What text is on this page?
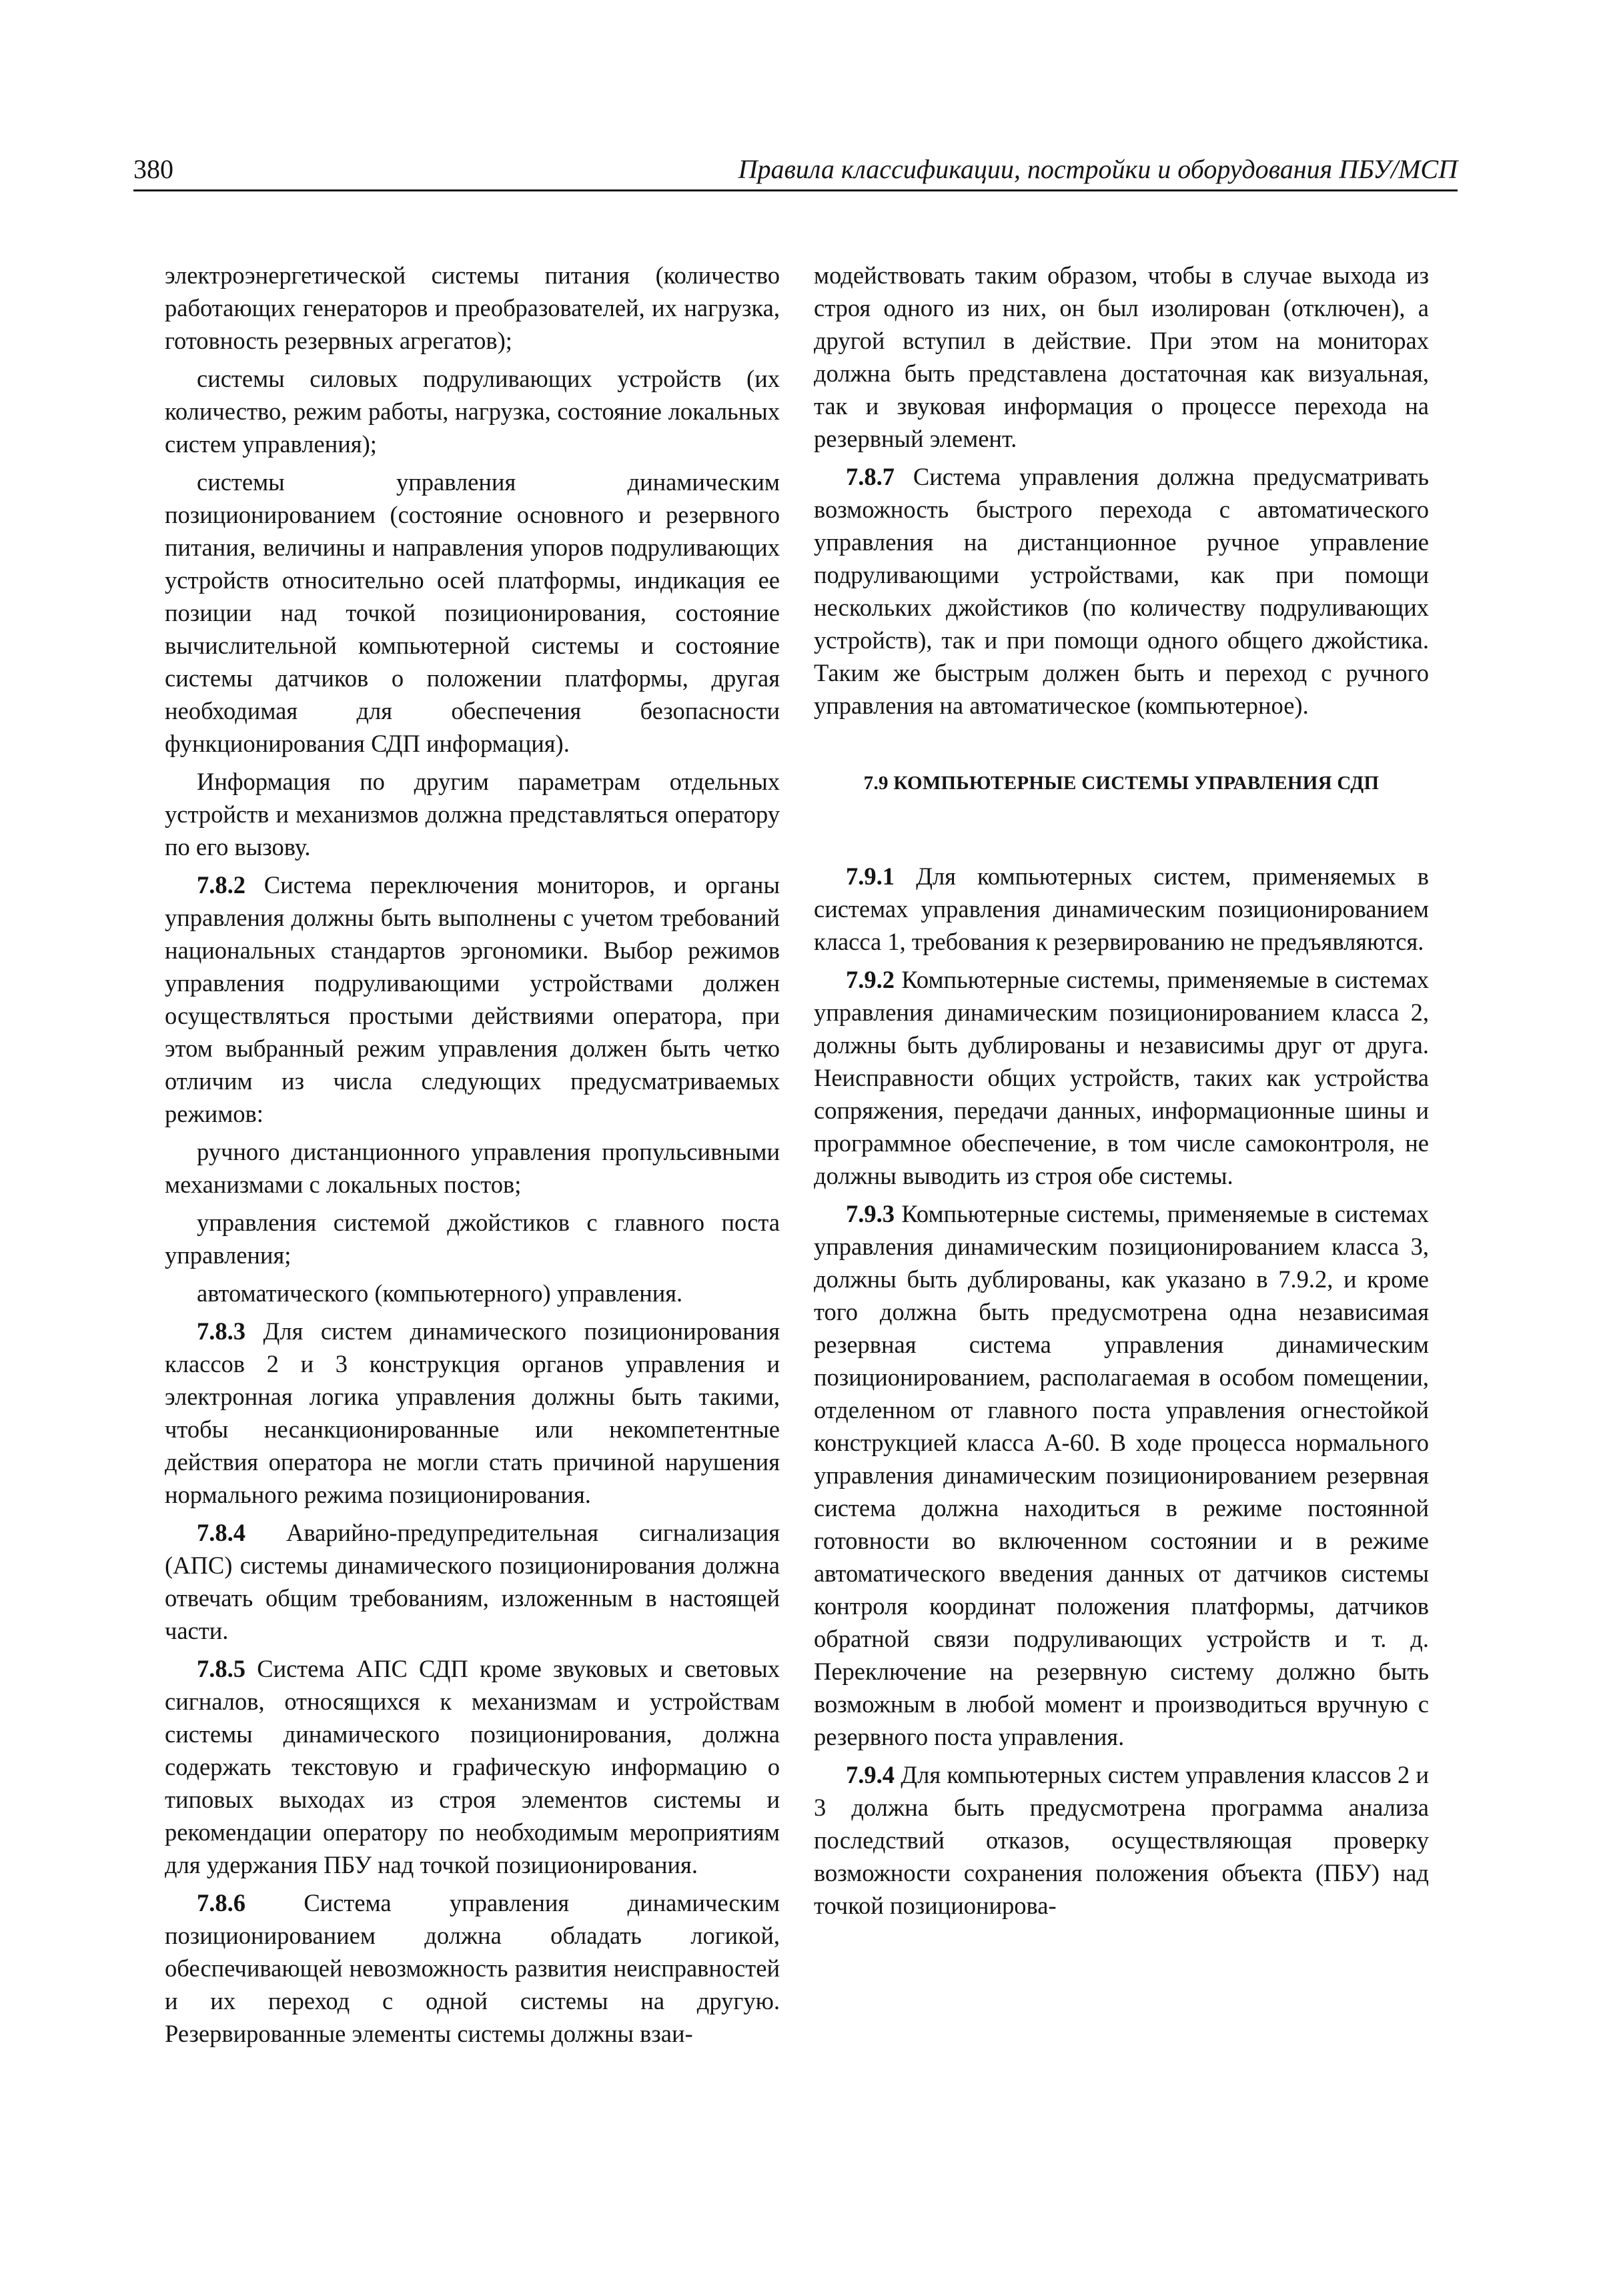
380	Правила классификации, постройки и оборудования ПБУ/МСП

электроэнергетической системы питания (количество работающих генераторов и преобразователей, их нагрузка, готовность резервных агрегатов);

системы силовых подруливающих устройств (их количество, режим работы, нагрузка, состояние локальных систем управления);

системы управления динамическим позиционированием (состояние основного и резервного питания, величины и направления упоров подруливающих устройств относительно осей платформы, индикация ее позиции над точкой позиционирования, состояние вычислительной компьютерной системы и состояние системы датчиков о положении платформы, другая необходимая для обеспечения безопасности функционирования СДП информация).

Информация по другим параметрам отдельных устройств и механизмов должна представляться оператору по его вызову.

7.8.2 Система переключения мониторов, и органы управления должны быть выполнены с учетом требований национальных стандартов эргономики. Выбор режимов управления подруливающими устройствами должен осуществляться простыми действиями оператора, при этом выбранный режим управления должен быть четко отличим из числа следующих предусматриваемых режимов:

ручного дистанционного управления пропульсивными механизмами с локальных постов;

управления системой джойстиков с главного поста управления;

автоматического (компьютерного) управления.

7.8.3 Для систем динамического позиционирования классов 2 и 3 конструкция органов управления и электронная логика управления должны быть такими, чтобы несанкционированные или некомпетентные действия оператора не могли стать причиной нарушения нормального режима позиционирования.

7.8.4 Аварийно-предупредительная сигнализация (АПС) системы динамического позиционирования должна отвечать общим требованиям, изложенным в настоящей части.

7.8.5 Система АПС СДП кроме звуковых и световых сигналов, относящихся к механизмам и устройствам системы динамического позиционирования, должна содержать текстовую и графическую информацию о типовых выходах из строя элементов системы и рекомендации оператору по необходимым мероприятиям для удержания ПБУ над точкой позиционирования.

7.8.6 Система управления динамическим позиционированием должна обладать логикой, обеспечивающей невозможность развития неисправностей и их переход с одной системы на другую. Резервированные элементы системы должны взаи-

модействовать таким образом, чтобы в случае выхода из строя одного из них, он был изолирован (отключен), а другой вступил в действие. При этом на мониторах должна быть представлена достаточная как визуальная, так и звуковая информация о процессе перехода на резервный элемент.

7.8.7 Система управления должна предусматривать возможность быстрого перехода с автоматического управления на дистанционное ручное управление подруливающими устройствами, как при помощи нескольких джойстиков (по количеству подруливающих устройств), так и при помощи одного общего джойстика. Таким же быстрым должен быть и переход с ручного управления на автоматическое (компьютерное).

7.9 КОМПЬЮТЕРНЫЕ СИСТЕМЫ УПРАВЛЕНИЯ СДП

7.9.1 Для компьютерных систем, применяемых в системах управления динамическим позиционированием класса 1, требования к резервированию не предъявляются.

7.9.2 Компьютерные системы, применяемые в системах управления динамическим позиционированием класса 2, должны быть дублированы и независимы друг от друга. Неисправности общих устройств, таких как устройства сопряжения, передачи данных, информационные шины и программное обеспечение, в том числе самоконтроля, не должны выводить из строя обе системы.

7.9.3 Компьютерные системы, применяемые в системах управления динамическим позиционированием класса 3, должны быть дублированы, как указано в 7.9.2, и кроме того должна быть предусмотрена одна независимая резервная система управления динамическим позиционированием, располагаемая в особом помещении, отделенном от главного поста управления огнестойкой конструкцией класса А-60. В ходе процесса нормального управления динамическим позиционированием резервная система должна находиться в режиме постоянной готовности во включенном состоянии и в режиме автоматического введения данных от датчиков системы контроля координат положения платформы, датчиков обратной связи подруливающих устройств и т. д. Переключение на резервную систему должно быть возможным в любой момент и производиться вручную с резервного поста управления.

7.9.4 Для компьютерных систем управления классов 2 и 3 должна быть предусмотрена программа анализа последствий отказов, осуществляющая проверку возможности сохранения положения объекта (ПБУ) над точкой позиционирова-
